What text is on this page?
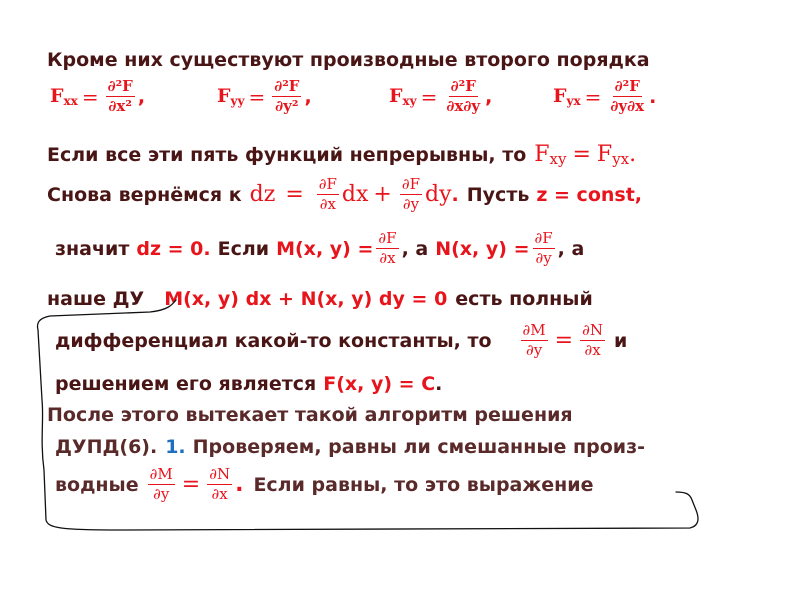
Кроме них существуют производные второго порядка
$F_{xx} = \frac{\text{∂²F}}{\text{∂x²}}$ ,	$F_{yy} = \frac{\text{∂²F}}{\text{∂y²}}$ ,	$F_{xy} = \frac{\text{∂²F}}{\partial x\partial y}$ ,	$F_{yx} = \frac{\text{∂²F}}{\partial y\partial x}$ .
Если все эти пять функций непрерывны, то $F_{xy} = F_{yx}$.
Снова вернёмся к dz = $\frac{\partial F}{\partial x}$ dx + $\frac{\partial F}{\partial y}$ dy . Пусть z = const,
значит dz = 0. Если M(x, $y) = \frac{\partial F}{\partial x}$ , а N(x, $y) = \frac{\partial F}{\partial y}$ , а
наше ДУ M(x, y) dx + N(x, y) dy = 0 есть полный
дифференциал какой-то константы, то $\frac{\partial M}{\partial y} = \frac{\partial N}{\partial x}$ и
решением его является F(x, y) = C .
После этого вытекает такой алгоритм решения
ДУПД(6). 1. Проверяем, равны ли смешанные произ-
водные $\frac{\partial M}{\partial y} = \frac{\partial N}{\partial x}$ . Если равны, то это выражение
